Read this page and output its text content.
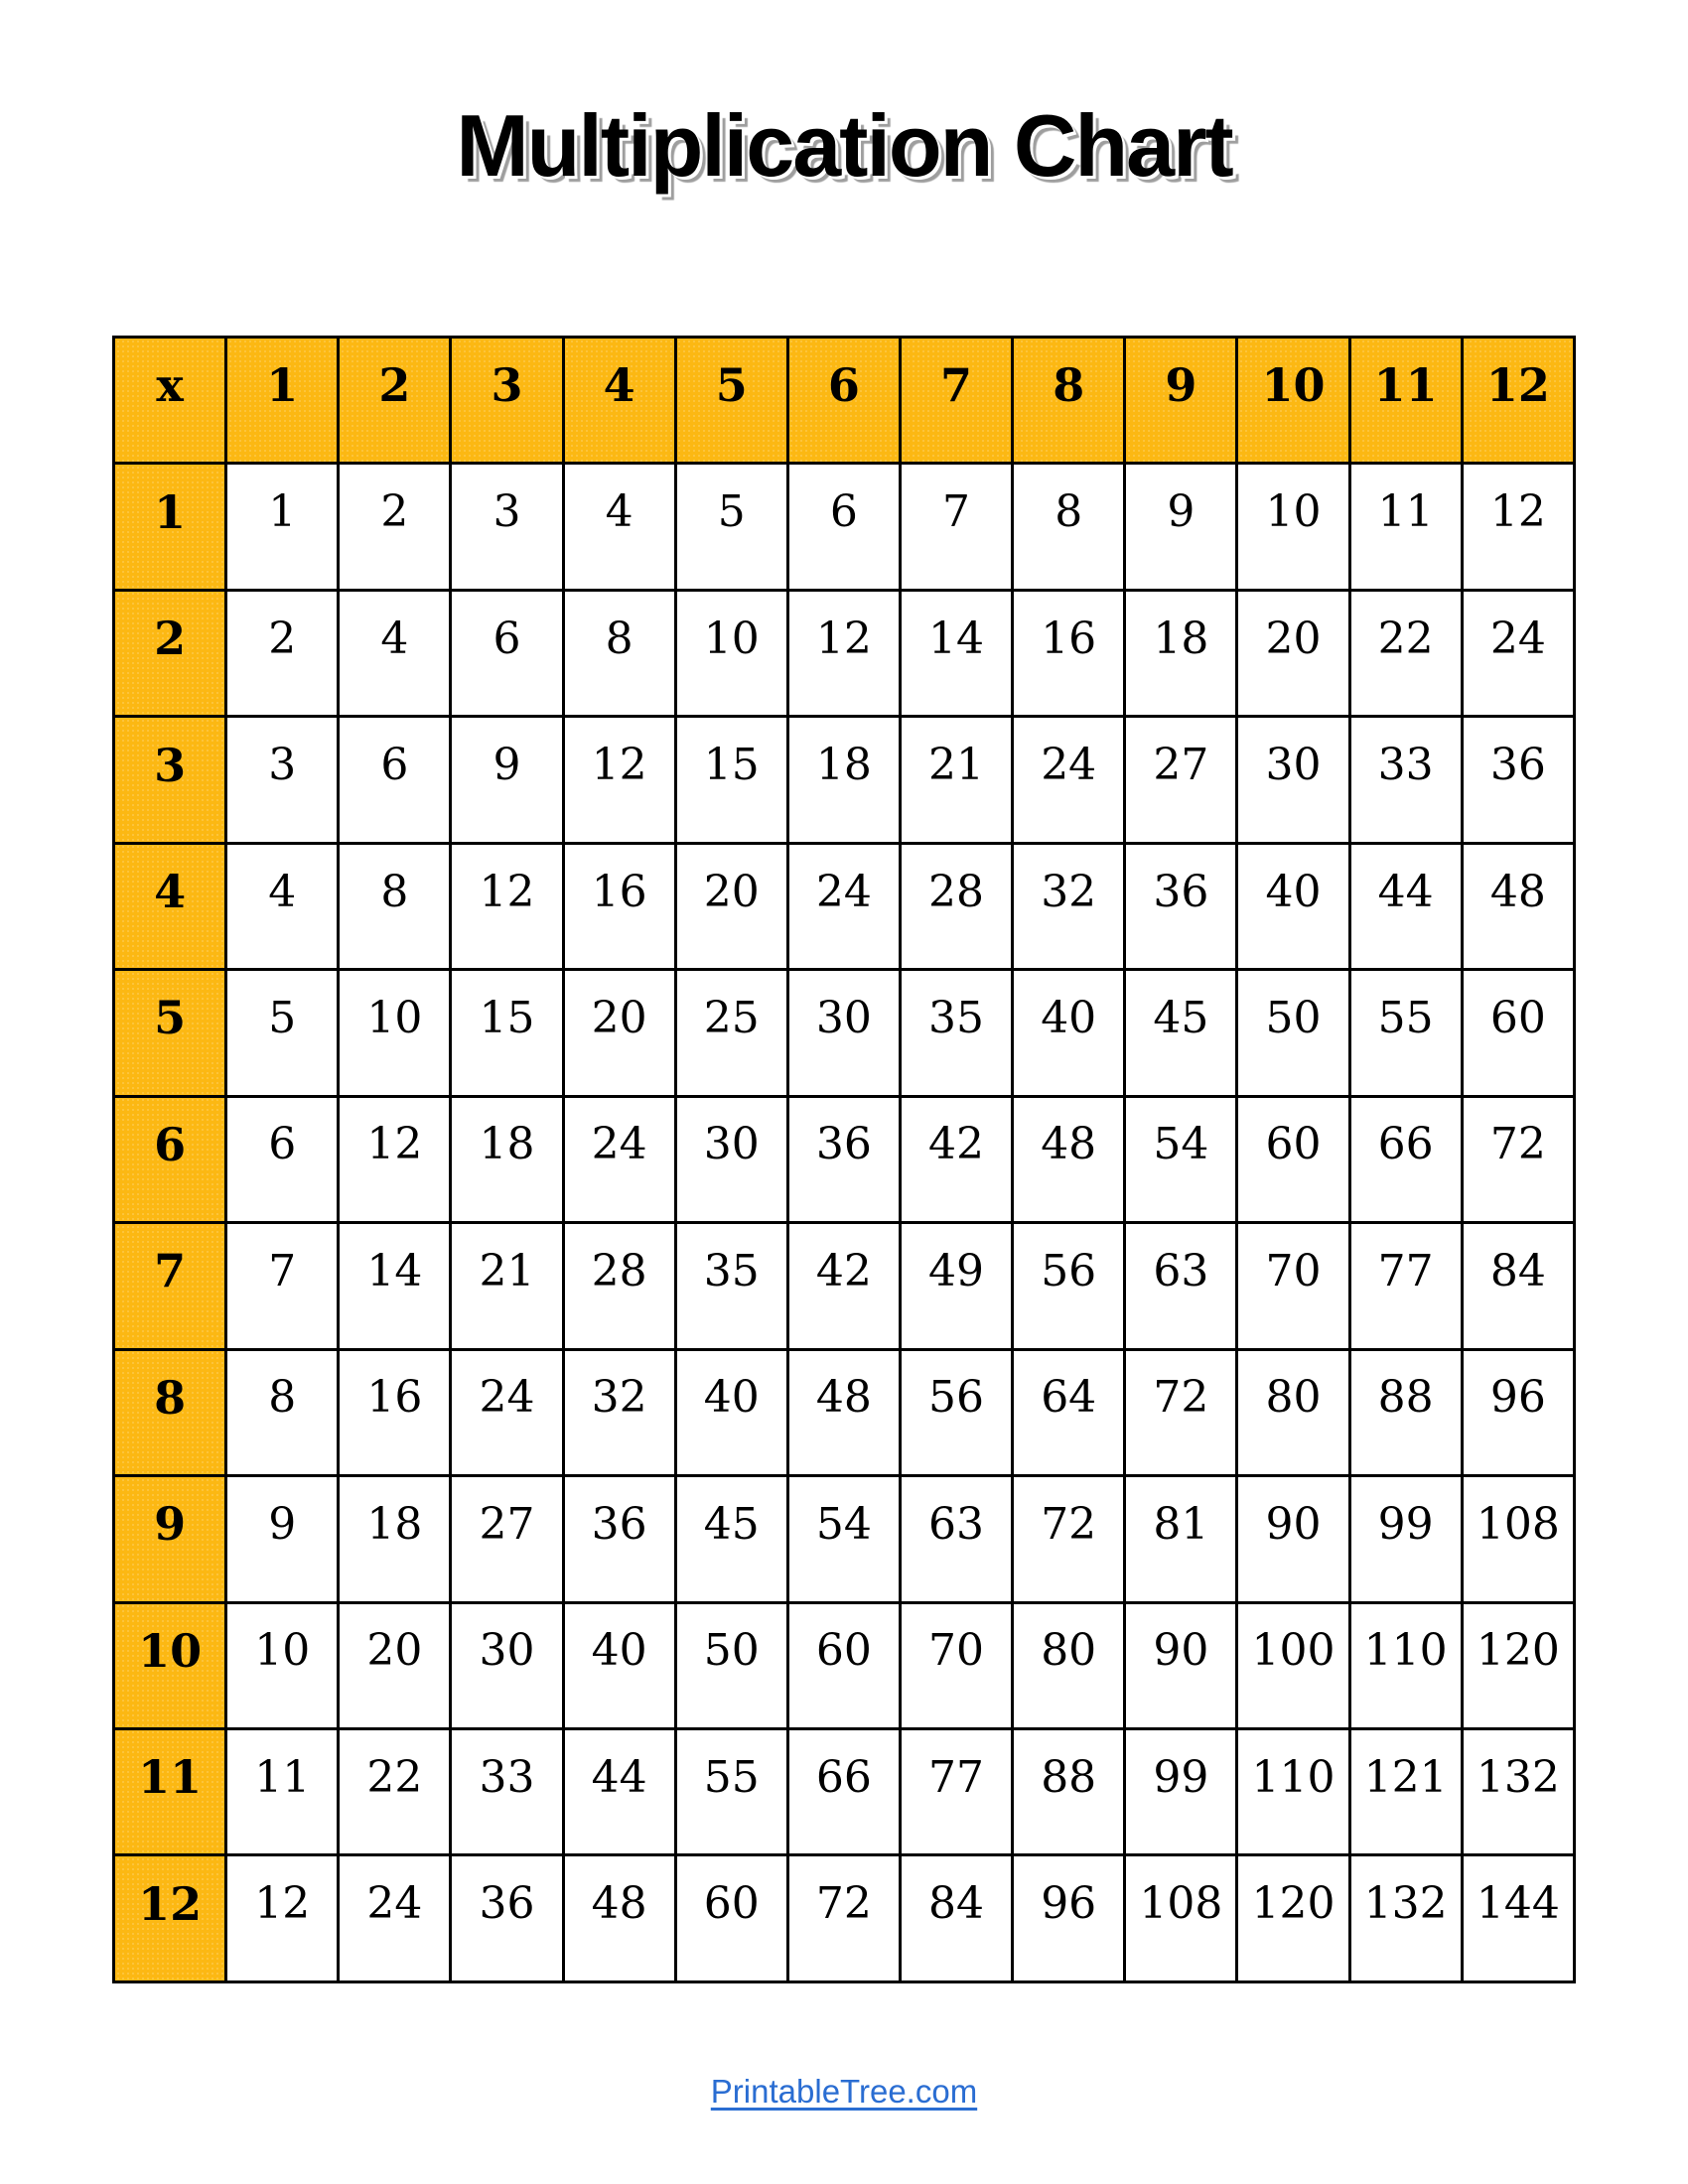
Multiplication Chart
x	1	2	3	4	5	6	7	8	9	10	11	12
1	1	2	3	4	5	6	7	8	9	10	11	12
2	2	4	6	8	10	12	14	16	18	20	22	24
3	3	6	9	12	15	18	21	24	27	30	33	36
4	4	8	12	16	20	24	28	32	36	40	44	48
5	5	10	15	20	25	30	35	40	45	50	55	60
6	6	12	18	24	30	36	42	48	54	60	66	72
7	7	14	21	28	35	42	49	56	63	70	77	84
8	8	16	24	32	40	48	56	64	72	80	88	96
9	9	18	27	36	45	54	63	72	81	90	99	108
10	10	20	30	40	50	60	70	80	90	100	110	120
11	11	22	33	44	55	66	77	88	99	110	121	132
12	12	24	36	48	60	72	84	96	108	120	132	144
PrintableTree.com
